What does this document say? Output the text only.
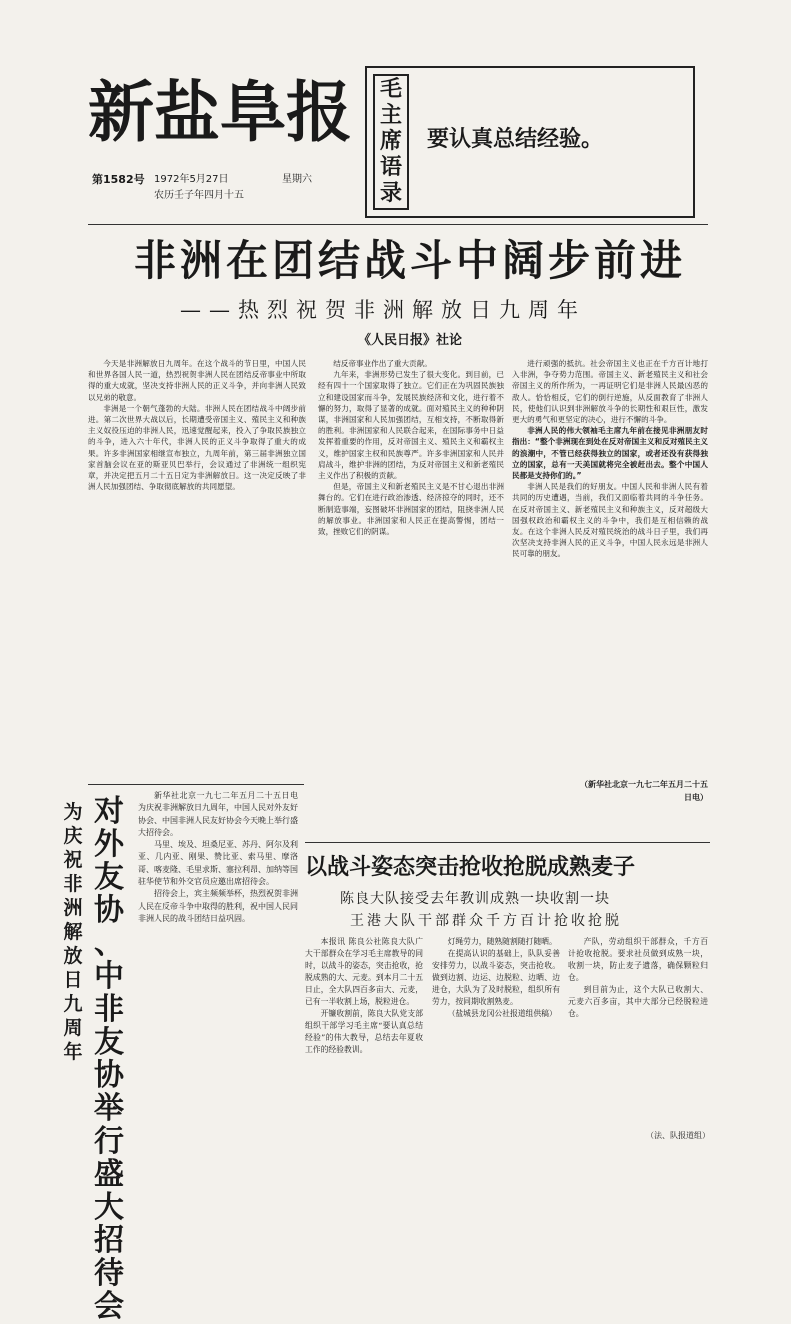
新盐阜报
第1582号 1972年5月27日
农历壬子年四月十五
星期六
毛
主
席
语
录
要认真总结经验。
非洲在团结战斗中阔步前进
——热烈祝贺非洲解放日九周年
《人民日报》社论

今天是非洲解放日九周年。在这个战斗的节日里，中国人民和世界各国人民一道，热烈祝贺非洲人民在团结反帝事业中所取得的重大成就，坚决支持非洲人民的正义斗争，并向非洲人民致以兄弟的敬意。

非洲是一个朝气蓬勃的大陆。非洲人民在团结战斗中阔步前进。第二次世界大战以后，长期遭受帝国主义、殖民主义和种族主义奴役压迫的非洲人民，迅速觉醒起来，投入了争取民族独立的斗争，进入六十年代，非洲人民的正义斗争取得了重大的成果。许多非洲国家相继宣布独立，九周年前，第三届非洲独立国家首脑会议在亚的斯亚贝巴举行，会议通过了非洲统一组织宪章，并决定把五月二十五日定为非洲解放日。这一决定反映了非洲人民加强团结、争取彻底解放的共同愿望。

结反帝事业作出了重大贡献。

九年来，非洲形势已发生了很大变化。到目前，已经有四十一个国家取得了独立。它们正在为巩固民族独立和建设国家而斗争，发展民族经济和文化，进行着不懈的努力，取得了显著的成就。面对殖民主义的种种阴谋，非洲国家和人民加强团结，互相支持，不断取得新的胜利。非洲国家和人民联合起来，在国际事务中日益发挥着重要的作用，反对帝国主义、殖民主义和霸权主义，维护国家主权和民族尊严。许多非洲国家和人民并肩战斗，维护非洲的团结，为反对帝国主义和新老殖民主义作出了积极的贡献。

但是，帝国主义和新老殖民主义是不甘心退出非洲舞台的。它们在进行政治渗透、经济掠夺的同时，还不断制造事端，妄图破坏非洲国家的团结，阻挠非洲人民的解放事业。非洲国家和人民正在提高警惕，团结一致，挫败它们的阴谋。

进行顽强的抵抗。社会帝国主义也正在千方百计地打入非洲，争夺势力范围。帝国主义、新老殖民主义和社会帝国主义的所作所为，一再证明它们是非洲人民最凶恶的敌人。恰恰相反，它们的倒行逆施，从反面教育了非洲人民，使他们认识到非洲解放斗争的长期性和艰巨性，激发更大的勇气和更坚定的决心，进行不懈的斗争。

非洲人民的伟大领袖毛主席九年前在接见非洲朋友时指出：“整个非洲现在到处在反对帝国主义和反对殖民主义的浪潮中，不管已经获得独立的国家，或者还没有获得独立的国家，总有一天美国就将完全被赶出去。整个中国人民都是支持你们的。”

非洲人民是我们的好朋友。中国人民和非洲人民有着共同的历史遭遇，当前，我们又面临着共同的斗争任务。在反对帝国主义、新老殖民主义和种族主义，反对超级大国强权政治和霸权主义的斗争中，我们是互相信赖的战友。在这个非洲人民反对殖民统治的战斗日子里，我们再次坚决支持非洲人民的正义斗争，中国人民永远是非洲人民可靠的朋友。

（新华社北京一九七二年五月二十五日电）
为
庆
祝
非
洲
解
放
日
九
周
年
对
外
友
协
、
中
非
友
协
举
行
盛
大
招
待
会

新华社北京一九七二年五月二十五日电 为庆祝非洲解放日九周年，中国人民对外友好协会、中国非洲人民友好协会今天晚上举行盛大招待会。

马里、埃及、坦桑尼亚、苏丹、阿尔及利亚、几内亚、刚果、赞比亚、索马里、摩洛哥、喀麦隆、毛里求斯、塞拉利昂、加纳等国驻华使节和外交官员应邀出席招待会。

招待会上，宾主频频举杯，热烈祝贺非洲人民在反帝斗争中取得的胜利，祝中国人民同非洲人民的战斗团结日益巩固。

以战斗姿态突击抢收抢脱成熟麦子
陈良大队接受去年教训成熟一块收割一块
王港大队干部群众千方百计抢收抢脱

本报讯 陈良公社陈良大队广大干部群众在学习毛主席教导的同时，以战斗的姿态，突击抢收，抢脱成熟的大、元麦。到本月二十五日止，全大队四百多亩大、元麦，已有一半收割上场，脱粒进仓。

开镰收割前，陈良大队党支部组织干部学习毛主席“要认真总结经验”的伟大教导，总结去年夏收工作的经验教训。

灯绳劳力，随熟随割随打随晒。

在提高认识的基础上，队队妥善安排劳力，以战斗姿态，突击抢收。做到边割、边运、边脱粒、边晒、边进仓，大队为了及时脱粒，组织所有劳力，按同期收割熟麦。

（盐城县龙冈公社报道组供稿）

产队，劳动组织干部群众，千方百计抢收抢脱。要求社员做到成熟一块，收割一块，防止麦子遗落，确保颗粒归仓。

到目前为止，这个大队已收割大、元麦六百多亩，其中大部分已经脱粒进仓。

（法、队报道组）
